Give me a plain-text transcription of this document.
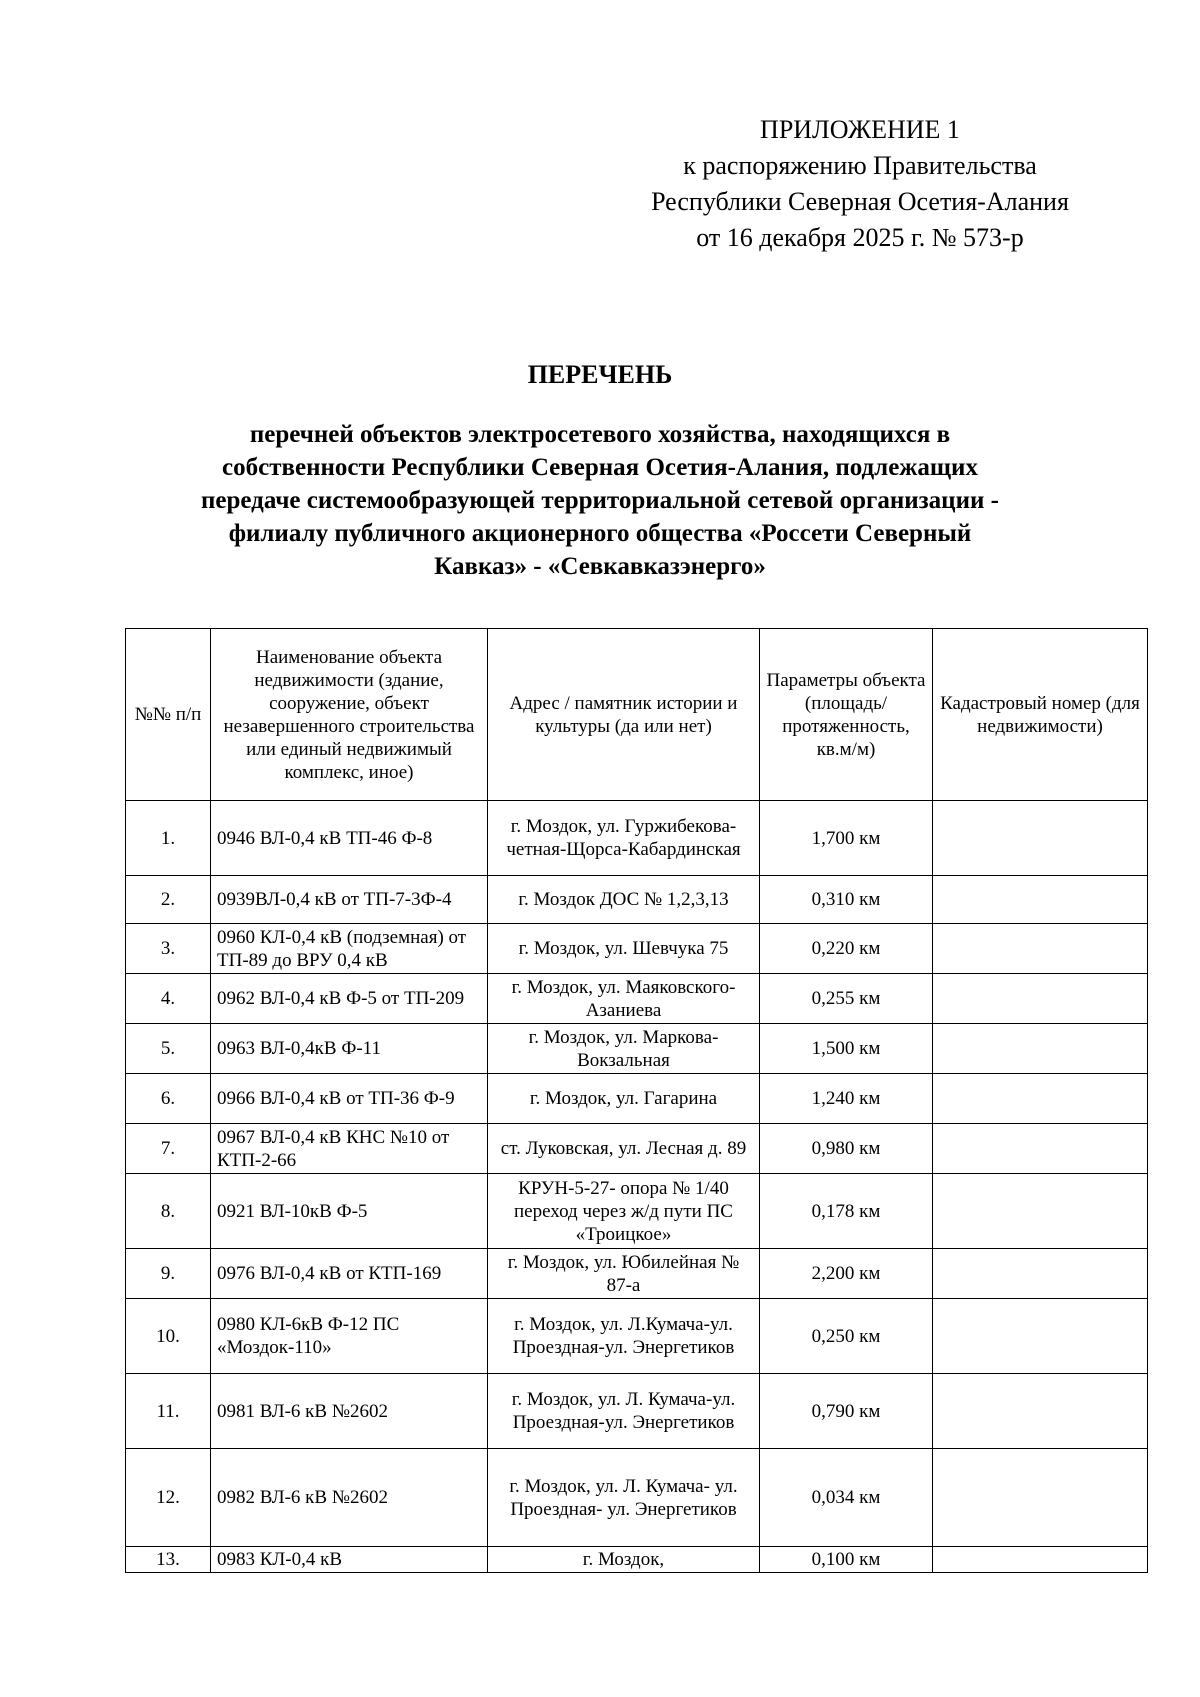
ПРИЛОЖЕНИЕ 1
к распоряжению Правительства
Республики Северная Осетия-Алания
от 16 декабря 2025 г. № 573-р
ПЕРЕЧЕНЬ
перечней объектов электросетевого хозяйства, находящихся в
собственности Республики Северная Осетия-Алания, подлежащих
передаче системообразующей территориальной сетевой организации -
филиалу публичного акционерного общества «Россети Северный
Кавказ» - «Севкавказэнерго»
№№ п/п	Наименование объекта недвижимости (здание, сооружение, объект незавершенного строительства или единый недвижимый комплекс, иное)	Адрес / памятник истории и культуры (да или нет)	Параметры объекта (площадь/ протяженность, кв.м/м)	Кадастровый номер (для недвижимости)
1.	0946 ВЛ-0,4 кВ ТП-46 Ф-8	г. Моздок, ул. Гуржибекова-четная-Щорса-Кабардинская	1,700 км	
2.	0939ВЛ-0,4 кВ от ТП-7-3Ф-4	г. Моздок ДОС № 1,2,3,13	0,310 км	
3.	0960 КЛ-0,4 кВ (подземная) от ТП-89 до ВРУ 0,4 кВ	г. Моздок, ул. Шевчука 75	0,220 км	
4.	0962 ВЛ-0,4 кВ Ф-5 от ТП-209	г. Моздок, ул. Маяковского-Азаниева	0,255 км	
5.	0963 ВЛ-0,4кВ Ф-11	г. Моздок, ул. Маркова-Вокзальная	1,500 км	
6.	0966 ВЛ-0,4 кВ от ТП-36 Ф-9	г. Моздок, ул. Гагарина	1,240 км	
7.	0967 ВЛ-0,4 кВ КНС №10 от КТП-2-66	ст. Луковская, ул. Лесная д. 89	0,980 км	
8.	0921 ВЛ-10кВ Ф-5	КРУН-5-27- опора № 1/40 переход через ж/д пути ПС «Троицкое»	0,178 км	
9.	0976 ВЛ-0,4 кВ от КТП-169	г. Моздок, ул. Юбилейная № 87-а	2,200 км	
10.	0980 КЛ-6кВ Ф-12 ПС «Моздок-110»	г. Моздок, ул. Л.Кумача-ул. Проездная-ул. Энергетиков	0,250 км	
11.	0981 ВЛ-6 кВ №2602	г. Моздок, ул. Л. Кумача-ул. Проездная-ул. Энергетиков	0,790 км	
12.	0982 ВЛ-6 кВ №2602	г. Моздок, ул. Л. Кумача- ул. Проездная- ул. Энергетиков	0,034 км	
13.	0983 КЛ-0,4 кВ	г. Моздок,	0,100 км	
